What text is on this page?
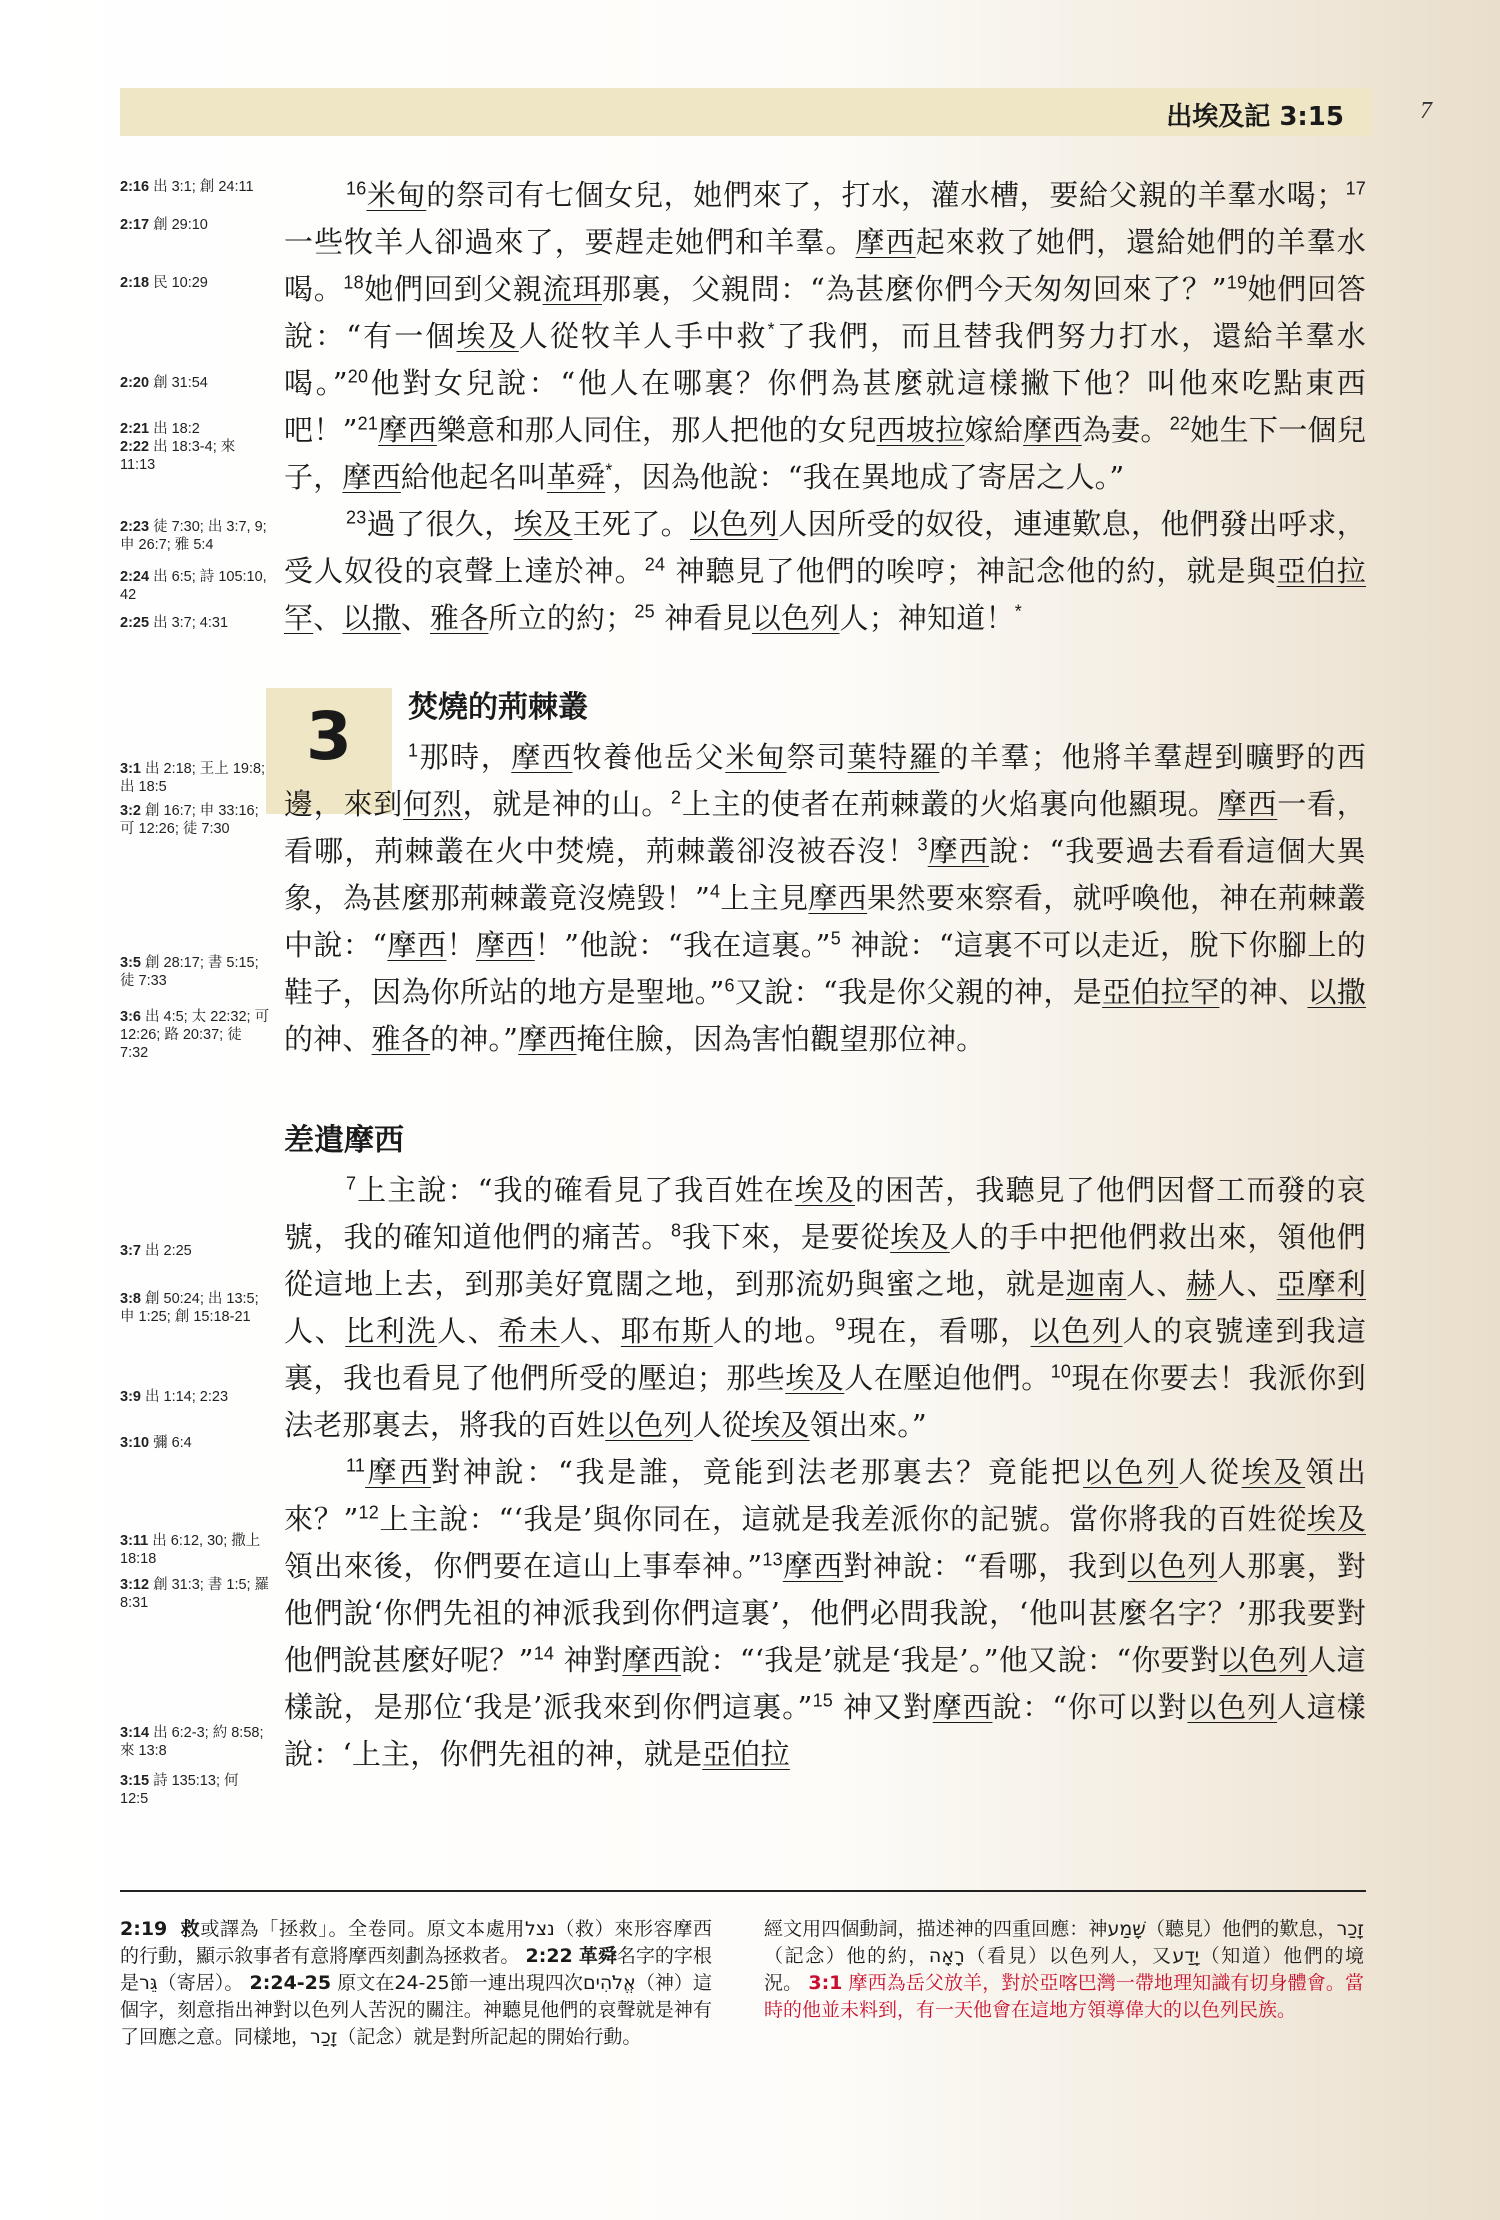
出埃及記 3:15	7
2:16 出 3:1; 創 24:11
2:17 創 29:10
2:18 民 10:29
2:20 創 31:54
2:21 出 18:2
2:22 出 18:3-4; 來 11:13
2:23 徒 7:30; 出 3:7, 9; 申 26:7; 雅 5:4
2:24 出 6:5; 詩 105:10, 42
2:25 出 3:7; 4:31
3:1 出 2:18; 王上 19:8; 出 18:5
3:2 創 16:7; 申 33:16; 可 12:26; 徒 7:30
3:5 創 28:17; 書 5:15; 徒 7:33
3:6 出 4:5; 太 22:32; 可 12:26; 路 20:37; 徒 7:32
3:7 出 2:25
3:8 創 50:24; 出 13:5; 申 1:25; 創 15:18-21
3:9 出 1:14; 2:23
3:10 彌 6:4
3:11 出 6:12, 30; 撒上 18:18
3:12 創 31:3; 書 1:5; 羅 8:31
3:14 出 6:2-3; 約 8:58; 來 13:8
3:15 詩 135:13; 何 12:5
3

$^{16}$米甸的祭司有七個女兒，她們來了，打水，灌水槽，要給父親的羊羣水喝；$^{17}$一些牧羊人卻過來了，要趕走她們和羊羣。摩西起來救了她們，還給她們的羊羣水喝。$^{18}$她們回到父親流珥那裏，父親問：“為甚麼你們今天匆匆回來了？”$^{19}$她們回答說：“有一個埃及人從牧羊人手中救*了我們，而且替我們努力打水，還給羊羣水喝。”$^{20}$他對女兒說：“他人在哪裏？你們為甚麼就這樣撇下他？叫他來吃點東西吧！”$^{21}$摩西樂意和那人同住，那人把他的女兒西坡拉嫁給摩西為妻。$^{22}$她生下一個兒子，摩西給他起名叫革舜*，因為他說：“我在異地成了寄居之人。”

$^{23}$過了很久，埃及王死了。以色列人因所受的奴役，連連歎息，他們發出呼求，受人奴役的哀聲上達於神。$^{24}$ 神聽見了他們的唉哼；神記念他的約，就是與亞伯拉罕、以撒、雅各所立的約；$^{25}$ 神看見以色列人；神知道！*

焚燒的荊棘叢

$^1$那時，摩西牧養他岳父米甸祭司葉特羅的羊羣；他將羊羣趕到曠野的西邊，來到何烈，就是神的山。$^2$上主的使者在荊棘叢的火焰裏向他顯現。摩西一看，看哪，荊棘叢在火中焚燒，荊棘叢卻沒被吞沒！$^3$摩西說：“我要過去看看這個大異象，為甚麼那荊棘叢竟沒燒毀！”$^4$上主見摩西果然要來察看，就呼喚他，神在荊棘叢中說：“摩西！摩西！”他說：“我在這裏。”$^5$ 神說：“這裏不可以走近，脫下你腳上的鞋子，因為你所站的地方是聖地。”$^6$又說：“我是你父親的神，是亞伯拉罕的神、以撒的神、雅各的神。”摩西掩住臉，因為害怕觀望那位神。

差遣摩西

$^7$上主說：“我的確看見了我百姓在埃及的困苦，我聽見了他們因督工而發的哀號，我的確知道他們的痛苦。$^8$我下來，是要從埃及人的手中把他們救出來，領他們從這地上去，到那美好寬闊之地，到那流奶與蜜之地，就是迦南人、赫人、亞摩利人、比利洗人、希未人、耶布斯人的地。$^9$現在，看哪，以色列人的哀號達到我這裏，我也看見了他們所受的壓迫；那些埃及人在壓迫他們。$^{10}$現在你要去！我派你到法老那裏去，將我的百姓以色列人從埃及領出來。”

$^{11}$摩西對神說：“我是誰，竟能到法老那裏去？竟能把以色列人從埃及領出來？”$^{12}$上主說：“‘我是’與你同在，這就是我差派你的記號。當你將我的百姓從埃及領出來後，你們要在這山上事奉神。”$^{13}$摩西對神說：“看哪，我到以色列人那裏，對他們說‘你們先祖的神派我到你們這裏’，他們必問我說，‘他叫甚麼名字？’那我要對他們說甚麼好呢？”$^{14}$ 神對摩西說：“‘我是’就是‘我是’。”他又說：“你要對以色列人這樣說，是那位‘我是’派我來到你們這裏。”$^{15}$ 神又對摩西說：“你可以對以色列人這樣說：‘上主，你們先祖的神，就是亞伯拉

2:19 救或譯為「拯救」。全卷同。原文本處用נצל（救）來形容摩西的行動，顯示敘事者有意將摩西刻劃為拯救者。 2:22 革舜名字的字根是גֵּר（寄居）。 2:24-25 原文在24-25節一連出現四次אֱלֹהִים（神）這個字，刻意指出神對以色列人苦況的關注。神聽見他們的哀聲就是神有了回應之意。同樣地，זָכַר（記念）就是對所記起的開始行動。
經文用四個動詞，描述神的四重回應：神שָׁמַע（聽見）他們的歎息，זָכַר（記念）他的約，רָאָה（看見）以色列人，又יָדַע（知道）他們的境況。 3:1 摩西為岳父放羊，對於亞喀巴灣一帶地理知識有切身體會。當時的他並未料到，有一天他會在這地方領導偉大的以色列民族。
